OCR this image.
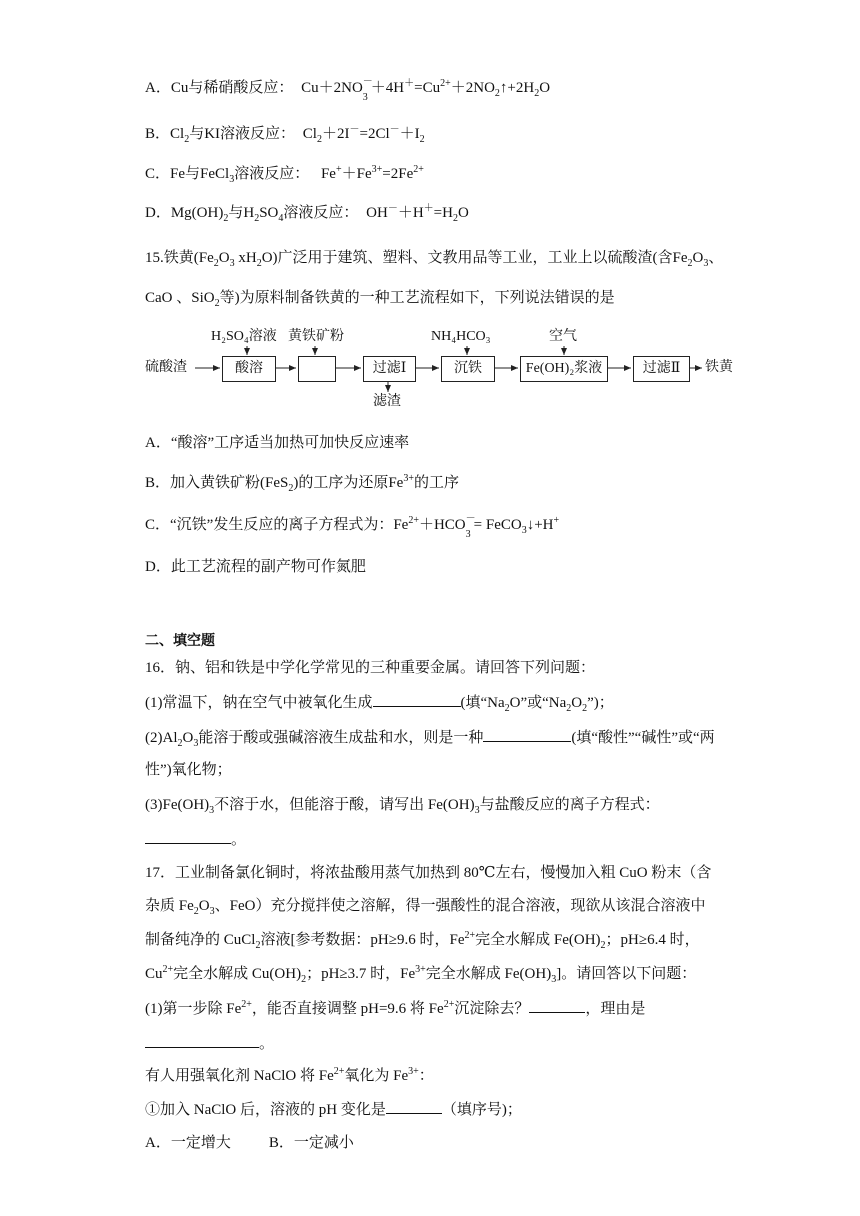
A．Cu与稀硝酸反应： Cu＋2NO －
3
$+4H^+=Cu^{2+}+2NO_2↑+2H_2O$
B．$Cl_2$与KI溶液反应： $Cl_2+2I^-=2Cl^-+I_2$
C．Fe与FeCl$_3$溶液反应： $Fe^++Fe^{3+}=2Fe^{2+}$
D．$Mg(OH)_2$与$H_2SO_4$溶液反应： $OH^-+H^+=H_2O$
15.铁黄($Fe_2O_3$ $xH_2O$)广泛用于建筑、塑料、文教用品等工业，工业上以硫酸渣(含$Fe_2O_3$、
CaO 、SiO$_2$等)为原料制备铁黄的一种工艺流程如下，下列说法错误的是
硫酸渣	酸溶	过滤Ⅰ	沉铁	Fe(OH)₂浆液	过滤Ⅱ	铁黄
H₂SO₄溶液 黄铁矿粉	NH₄HCO₃	空气
滤渣
A．“酸溶”工序适当加热可加快反应速率
B．加入黄铁矿粉(FeS$_2$)的工序为还原$Fe^{3+}$的工序
C．“沉铁”发生反应的离子方程式为：$Fe^{2+}+HCO$ －
3
= FeCO$_3$↓+H+
D．此工艺流程的副产物可作氮肥
二、填空题
16．钠、铝和铁是中学化学常见的三种重要金属。请回答下列问题：
(1)常温下，钠在空气中被氧化生成	(填“$Na_2O$”或“$Na_2O_2$”)；
$(2)Al_2O_3$能溶于酸或强碱溶液生成盐和水，则是一种	(填“酸性”“碱性”或“两
性”)氧化物；
$(3)Fe(OH)_3$不溶于水，但能溶于酸，请写出 $Fe(OH)_3$与盐酸反应的离子方程式：
。
17．工业制备氯化铜时，将浓盐酸用蒸气加热到 80℃左右，慢慢加入粗 CuO 粉末（含
杂质 $Fe_2O_3$、FeO）充分搅拌使之溶解，得一强酸性的混合溶液，现欲从该混合溶液中
制备纯净的 CuCl$_2$溶液[参考数据：pH≥9.6 时，$Fe^{2+}$完全水解成 $Fe(OH)_2$；pH≥6.4 时，
$Cu^{2+}$完全水解成 $Cu(OH)_2$；pH≥3.7 时，$Fe^{3+}$完全水解成 $Fe(OH)_3$]。请回答以下问题：
(1)第一步除 $Fe^{2+}$，能否直接调整 pH=9.6 将 $Fe^{2+}$沉淀除去？	，理由是
。
有人用强氧化剂 NaClO 将 $Fe^{2+}$氧化为 $Fe^{3+}$：
①加入 NaClO 后，溶液的 pH 变化是	（填序号)；
A．一定增大	B．一定减小
